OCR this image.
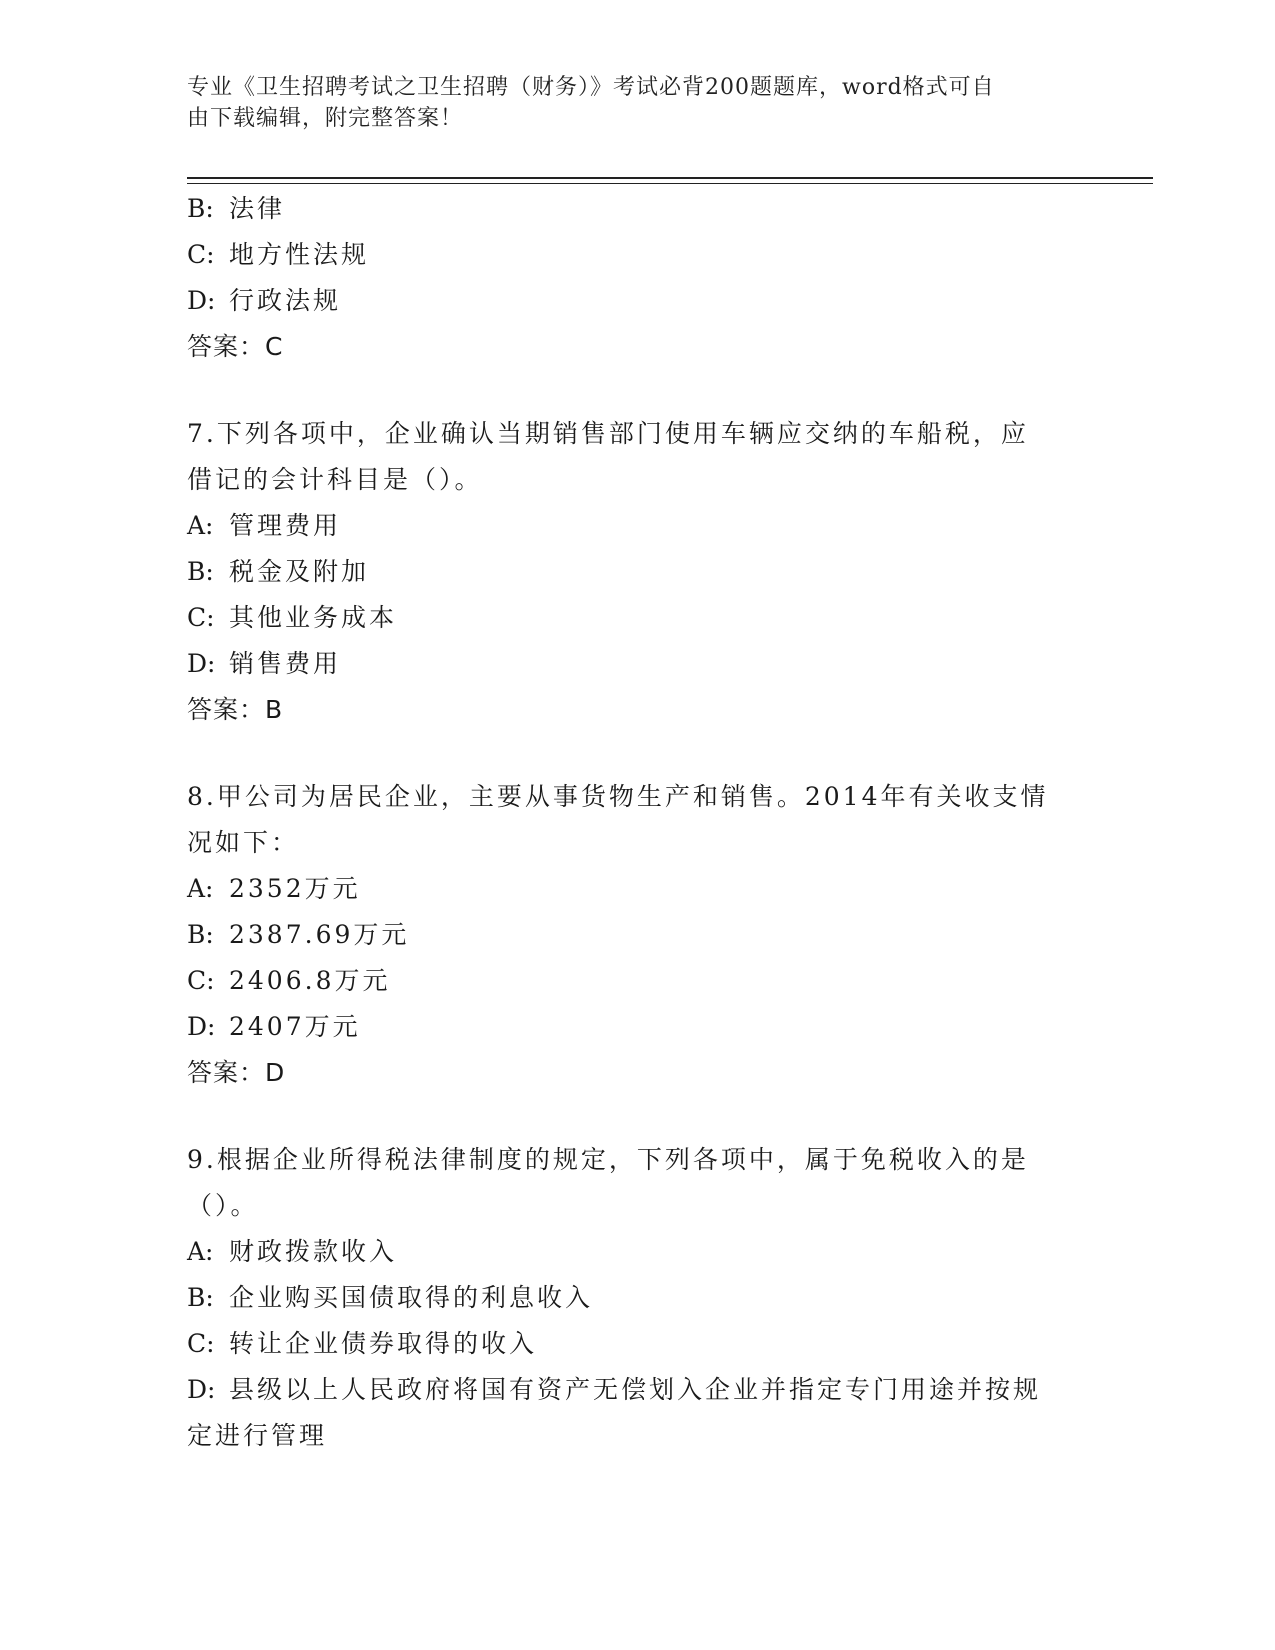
专业《卫生招聘考试之卫生招聘（财务）》考试必背200题题库，word格式可自
由下载编辑，附完整答案！
B: 法律
C: 地方性法规
D: 行政法规
答案：C
7.下列各项中，企业确认当期销售部门使用车辆应交纳的车船税，应
借记的会计科目是（）。
A: 管理费用
B: 税金及附加
C: 其他业务成本
D: 销售费用
答案：B
8.甲公司为居民企业，主要从事货物生产和销售。2014年有关收支情
况如下：
A: 2352万元
B: 2387.69万元
C: 2406.8万元
D: 2407万元
答案：D
9.根据企业所得税法律制度的规定，下列各项中，属于免税收入的是
（）。
A: 财政拨款收入
B: 企业购买国债取得的利息收入
C: 转让企业债券取得的收入
D: 县级以上人民政府将国有资产无偿划入企业并指定专门用途并按规
定进行管理
